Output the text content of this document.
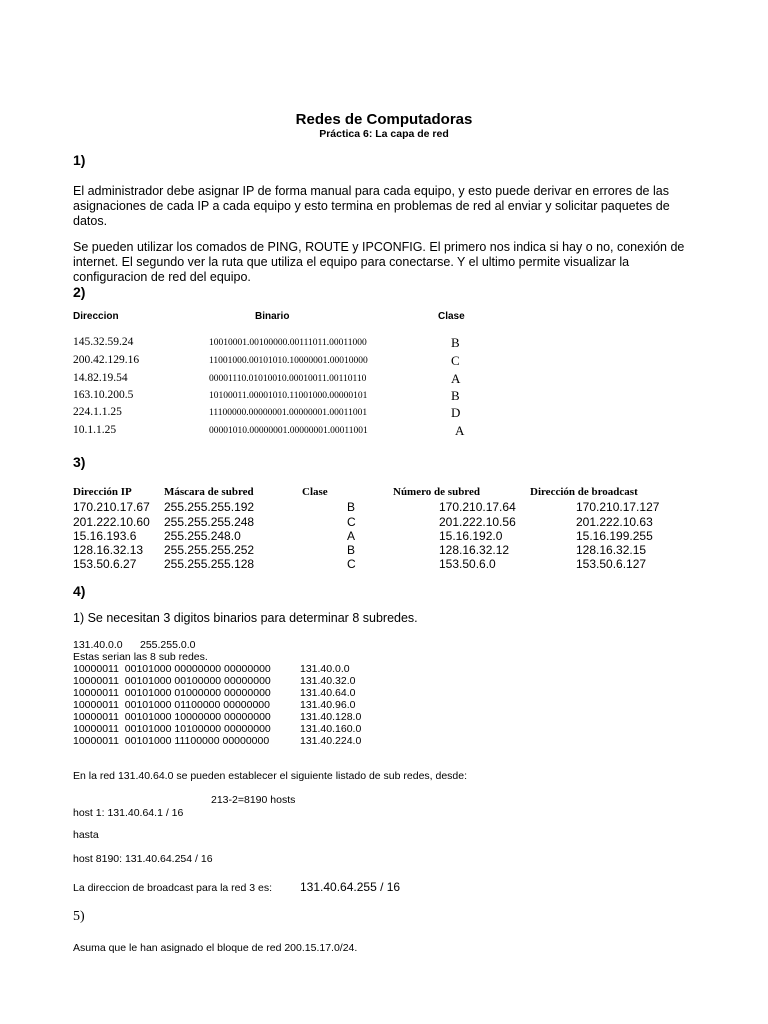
Redes de Computadoras
Práctica 6: La capa de red
1)
El administrador debe asignar IP de forma manual para cada equipo, y esto puede derivar en errores de las asignaciones de cada IP a cada equipo y esto termina en problemas de red al enviar y solicitar paquetes de datos.
Se pueden utilizar los comados de PING, ROUTE y IPCONFIG. El primero nos indica si hay o no, conexión de internet. El segundo ver la ruta que utiliza el equipo para conectarse. Y el ultimo permite visualizar la configuracion de red del equipo.
2)
Direccion	Binario	Clase
145.32.59.24	10010001.00100000.00111011.00011000	B
200.42.129.16	11001000.00101010.10000001.00010000	C
14.82.19.54	00001110.01010010.00010011.00110110	A
163.10.200.5	10100011.00001010.11001000.00000101	B
224.1.1.25	11100000.00000001.00000001.00011001	D
10.1.1.25	00001010.00000001.00000001.00011001	A
3)
Dirección IP	Máscara de subred	Clase	Número de subred	Dirección de broadcast
170.210.17.67 255.255.255.192	B	170.210.17.64	170.210.17.127
201.222.10.60 255.255.255.248	C	201.222.10.56	201.222.10.63
15.16.193.6 255.255.248.0	A	15.16.192.0	15.16.199.255
128.16.32.13 255.255.255.252	B	128.16.32.12	128.16.32.15
153.50.6.27 255.255.255.128	C	153.50.6.0	153.50.6.127
4)
1) Se necesitan 3 digitos binarios para determinar 8 subredes.
131.40.0.0 255.255.0.0
Estas serian las 8 sub redes.
10000011  00101000 00000000 00000000	131.40.0.0
10000011  00101000 00100000 00000000	131.40.32.0
10000011  00101000 01000000 00000000	131.40.64.0
10000011  00101000 01100000 00000000	131.40.96.0
10000011  00101000 10000000 00000000	131.40.128.0
10000011  00101000 10100000 00000000	131.40.160.0
10000011  00101000 11100000 00000000	131.40.224.0
En la red 131.40.64.0 se pueden establecer el siguiente listado de sub redes, desde:
213-2=8190 hosts
host 1: 131.40.64.1 / 16
hasta
host 8190: 131.40.64.254 / 16
La direccion de broadcast para la red 3 es: 131.40.64.255 / 16
5)
Asuma que le han asignado el bloque de red 200.15.17.0/24.
